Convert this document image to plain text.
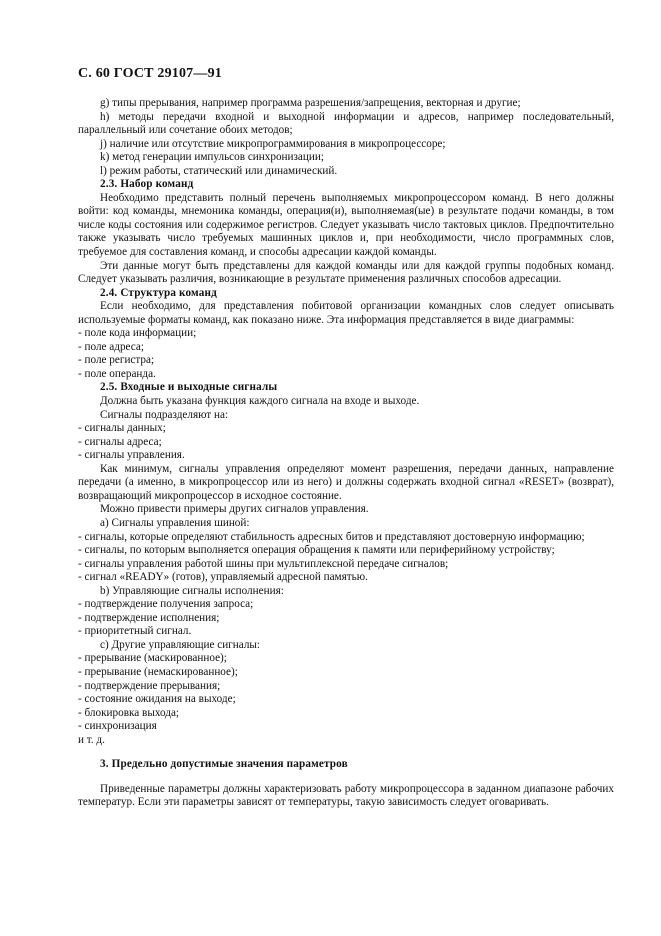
С. 60 ГОСТ 29107—91

g) типы прерывания, например программа разрешения/запрещения, векторная и другие;

h) методы передачи входной и выходной информации и адресов, например последовательный, параллельный или сочетание обоих методов;

j) наличие или отсутствие микропрограммирования в микропроцессоре;

k) метод генерации импульсов синхронизации;

l) режим работы, статический или динамический.

2.3. Набор команд

Необходимо представить полный перечень выполняемых микропроцессором команд. В него должны войти: код команды, мнемоника команды, операция(и), выполняемая(ые) в результате подачи команды, в том числе коды состояния или содержимое регистров. Следует указывать число тактовых циклов. Предпочтительно также указывать число требуемых машинных циклов и, при необходимости, число программных слов, требуемое для составления команд, и способы адресации каждой команды.

Эти данные могут быть представлены для каждой команды или для каждой группы подобных команд. Следует указывать различия, возникающие в результате применения различных способов адресации.

2.4. Структура команд

Если необходимо, для представления побитовой организации командных слов следует описывать используемые форматы команд, как показано ниже. Эта информация представляется в виде диаграммы:

- поле кода информации;

- поле адреса;

- поле регистра;

- поле операнда.

2.5. Входные и выходные сигналы

Должна быть указана функция каждого сигнала на входе и выходе.

Сигналы подразделяют на:

- сигналы данных;

- сигналы адреса;

- сигналы управления.

Как минимум, сигналы управления определяют момент разрешения, передачи данных, направление передачи (а именно, в микропроцессор или из него) и должны содержать входной сигнал «RESET» (возврат), возвращающий микропроцессор в исходное состояние.

Можно привести примеры других сигналов управления.

a) Сигналы управления шиной:

- сигналы, которые определяют стабильность адресных битов и представляют достоверную информацию;

- сигналы, по которым выполняется операция обращения к памяти или периферийному устройству;

- сигналы управления работой шины при мультиплексной передаче сигналов;

- сигнал «READY» (готов), управляемый адресной памятью.

b) Управляющие сигналы исполнения:

- подтверждение получения запроса;

- подтверждение исполнения;

- приоритетный сигнал.

c) Другие управляющие сигналы:

- прерывание (маскированное);

- прерывание (немаскированное);

- подтверждение прерывания;

- состояние ожидания на выходе;

- блокировка выхода;

- синхронизация

и т. д.

3. Предельно допустимые значения параметров

Приведенные параметры должны характеризовать работу микропроцессора в заданном диапазоне рабочих температур. Если эти параметры зависят от температуры, такую зависимость следует оговаривать.
